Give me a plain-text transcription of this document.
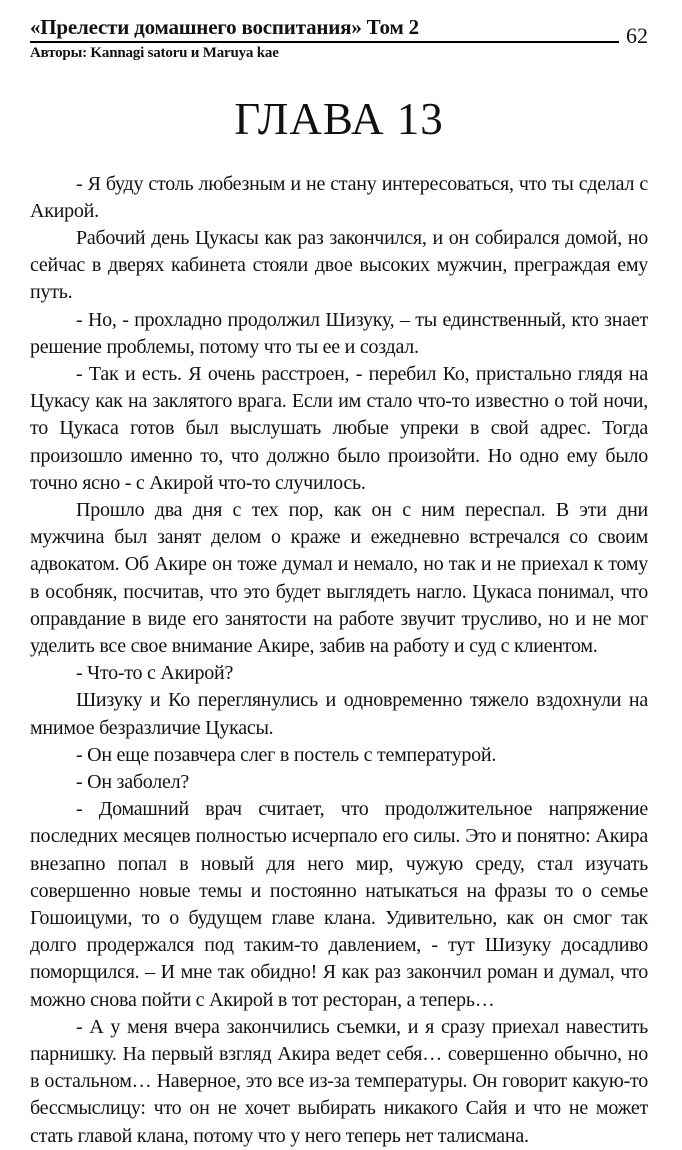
«Прелести домашнего воспитания» Том 2	62
Авторы: Kannagi satoru и Maruya kae
ГЛАВА 13

- Я буду столь любезным и не стану интересоваться, что ты сделал с Акирой.

Рабочий день Цукасы как раз закончился, и он собирался домой, но сейчас в дверях кабинета стояли двое высоких мужчин, преграждая ему путь.

- Но, - прохладно продолжил Шизуку, – ты единственный, кто знает решение проблемы, потому что ты ее и создал.

- Так и есть. Я очень расстроен, - перебил Ко, пристально глядя на Цукасу как на заклятого врага. Если им стало что-то известно о той ночи, то Цукаса готов был выслушать любые упреки в свой адрес. Тогда произошло именно то, что должно было произойти. Но одно ему было точно ясно - с Акирой что-то случилось.

Прошло два дня с тех пор, как он с ним переспал. В эти дни мужчина был занят делом о краже и ежедневно встречался со своим адвокатом. Об Акире он тоже думал и немало, но так и не приехал к тому в особняк, посчитав, что это будет выглядеть нагло. Цукаса понимал, что оправдание в виде его занятости на работе звучит трусливо, но и не мог уделить все свое внимание Акире, забив на работу и суд с клиентом.

- Что-то с Акирой?

Шизуку и Ко переглянулись и одновременно тяжело вздохнули на мнимое безразличие Цукасы.

- Он еще позавчера слег в постель с температурой.

- Он заболел?

- Домашний врач считает, что продолжительное напряжение последних месяцев полностью исчерпало его силы. Это и понятно: Акира внезапно попал в новый для него мир, чужую среду, стал изучать совершенно новые темы и постоянно натыкаться на фразы то о семье Гошоицуми, то о будущем главе клана. Удивительно, как он смог так долго продержался под таким-то давлением, - тут Шизуку досадливо поморщился. – И мне так обидно! Я как раз закончил роман и думал, что можно снова пойти с Акирой в тот ресторан, а теперь…

- А у меня вчера закончились съемки, и я сразу приехал навестить парнишку. На первый взгляд Акира ведет себя… совершенно обычно, но в остальном… Наверное, это все из-за температуры. Он говорит какую-то бессмыслицу: что он не хочет выбирать никакого Сайя и что не может стать главой клана, потому что у него теперь нет талисмана.
